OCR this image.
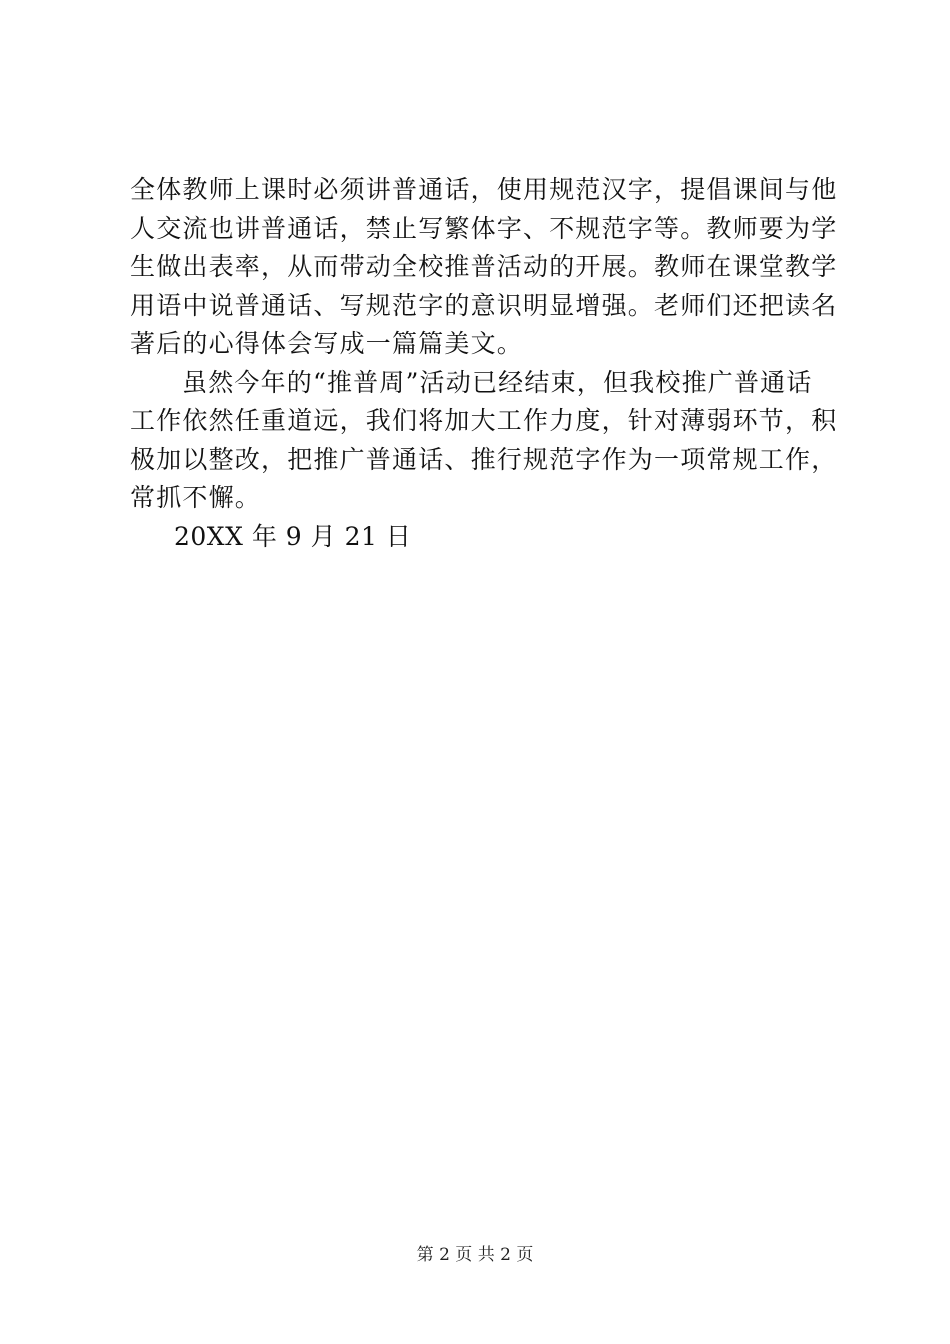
全体教师上课时必须讲普通话，使用规范汉字，提倡课间与他
人交流也讲普通话，禁止写繁体字、不规范字等。教师要为学
生做出表率，从而带动全校推普活动的开展。教师在课堂教学
用语中说普通话、写规范字的意识明显增强。老师们还把读名
著后的心得体会写成一篇篇美文。
虽然今年的“推普周”活动已经结束，但我校推广普通话
工作依然任重道远，我们将加大工作力度，针对薄弱环节，积
极加以整改，把推广普通话、推行规范字作为一项常规工作，
常抓不懈。
20XX 年 9 月 21 日
第 2 页 共 2 页
